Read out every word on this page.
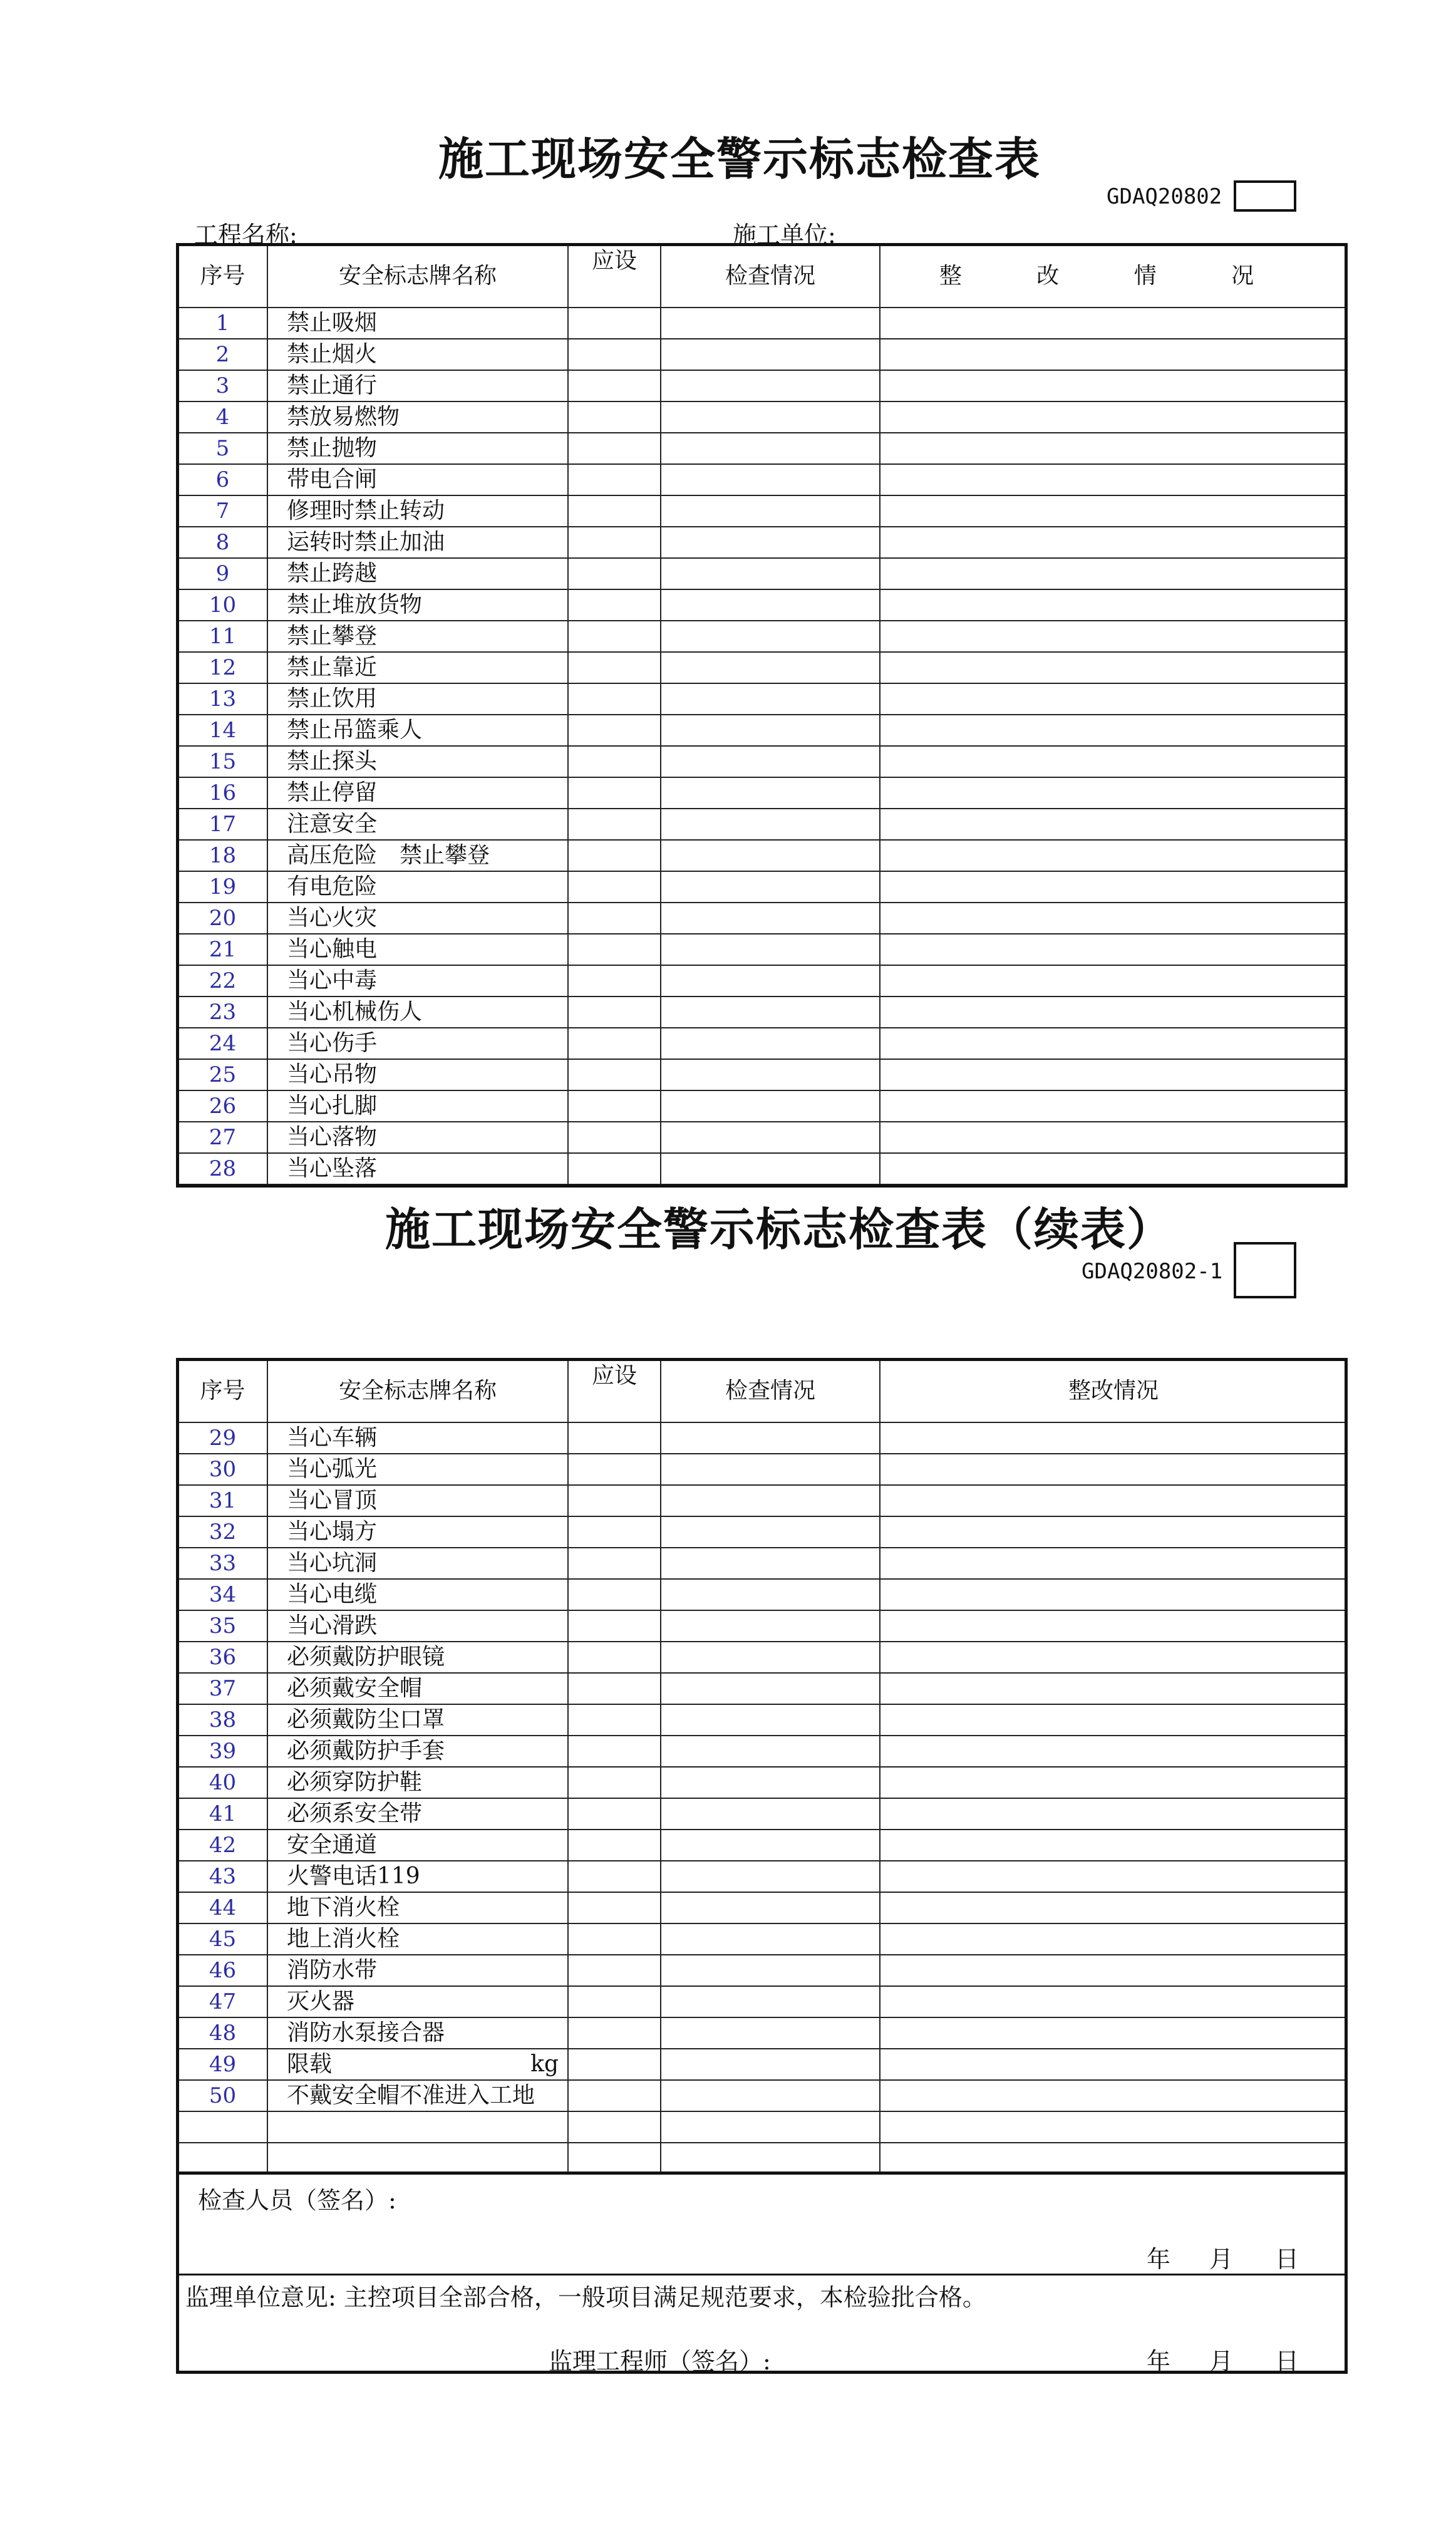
施工现场安全警示标志检查表
GDAQ20802
工程名称:	施工单位:
序号	安全标志牌名称	应设	检查情况	整 改 情 况
1	禁止吸烟			
2	禁止烟火			
3	禁止通行			
4	禁放易燃物			
5	禁止抛物			
6	带电合闸			
7	修理时禁止转动			
8	运转时禁止加油			
9	禁止跨越			
10	禁止堆放货物			
11	禁止攀登			
12	禁止靠近			
13	禁止饮用			
14	禁止吊篮乘人			
15	禁止探头			
16	禁止停留			
17	注意安全			
18	高压危险　禁止攀登			
19	有电危险			
20	当心火灾			
21	当心触电			
22	当心中毒			
23	当心机械伤人			
24	当心伤手			
25	当心吊物			
26	当心扎脚			
27	当心落物			
28	当心坠落			
施工现场安全警示标志检查表（续表）
GDAQ20802-1
序号	安全标志牌名称	应设	检查情况	整改情况
29	当心车辆			
30	当心弧光			
31	当心冒顶			
32	当心塌方			
33	当心坑洞			
34	当心电缆			
35	当心滑跌			
36	必须戴防护眼镜			
37	必须戴安全帽			
38	必须戴防尘口罩			
39	必须戴防护手套			
40	必须穿防护鞋			
41	必须系安全带			
42	安全通道			
43	火警电话119			
44	地下消火栓			
45	地上消火栓			
46	消防水带			
47	灭火器			
48	消防水泵接合器			
49	限载 kg			

50	不戴安全帽不准进入工地			

检查人员（签名）:
年 月 日
监理单位意见: 主控项目全部合格，一般项目满足规范要求，本检验批合格。
监理工程师（签名）:	年 月 日
